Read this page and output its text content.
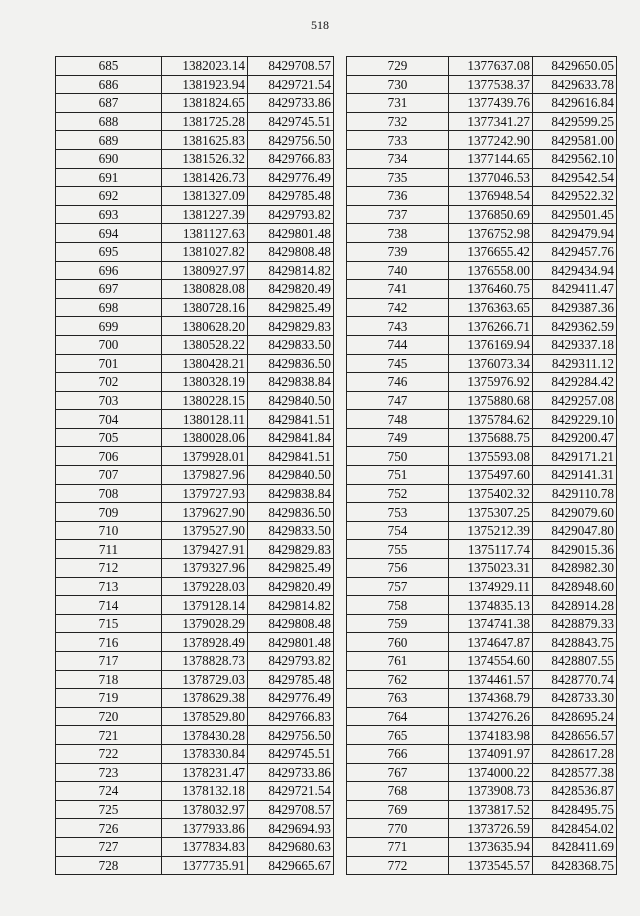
518
685	1382023.14	8429708.57
686	1381923.94	8429721.54
687	1381824.65	8429733.86
688	1381725.28	8429745.51
689	1381625.83	8429756.50
690	1381526.32	8429766.83
691	1381426.73	8429776.49
692	1381327.09	8429785.48
693	1381227.39	8429793.82
694	1381127.63	8429801.48
695	1381027.82	8429808.48
696	1380927.97	8429814.82
697	1380828.08	8429820.49
698	1380728.16	8429825.49
699	1380628.20	8429829.83
700	1380528.22	8429833.50
701	1380428.21	8429836.50
702	1380328.19	8429838.84
703	1380228.15	8429840.50
704	1380128.11	8429841.51
705	1380028.06	8429841.84
706	1379928.01	8429841.51
707	1379827.96	8429840.50
708	1379727.93	8429838.84
709	1379627.90	8429836.50
710	1379527.90	8429833.50
711	1379427.91	8429829.83
712	1379327.96	8429825.49
713	1379228.03	8429820.49
714	1379128.14	8429814.82
715	1379028.29	8429808.48
716	1378928.49	8429801.48
717	1378828.73	8429793.82
718	1378729.03	8429785.48
719	1378629.38	8429776.49
720	1378529.80	8429766.83
721	1378430.28	8429756.50
722	1378330.84	8429745.51
723	1378231.47	8429733.86
724	1378132.18	8429721.54
725	1378032.97	8429708.57
726	1377933.86	8429694.93
727	1377834.83	8429680.63
728	1377735.91	8429665.67
729	1377637.08	8429650.05
730	1377538.37	8429633.78
731	1377439.76	8429616.84
732	1377341.27	8429599.25
733	1377242.90	8429581.00
734	1377144.65	8429562.10
735	1377046.53	8429542.54
736	1376948.54	8429522.32
737	1376850.69	8429501.45
738	1376752.98	8429479.94
739	1376655.42	8429457.76
740	1376558.00	8429434.94
741	1376460.75	8429411.47
742	1376363.65	8429387.36
743	1376266.71	8429362.59
744	1376169.94	8429337.18
745	1376073.34	8429311.12
746	1375976.92	8429284.42
747	1375880.68	8429257.08
748	1375784.62	8429229.10
749	1375688.75	8429200.47
750	1375593.08	8429171.21
751	1375497.60	8429141.31
752	1375402.32	8429110.78
753	1375307.25	8429079.60
754	1375212.39	8429047.80
755	1375117.74	8429015.36
756	1375023.31	8428982.30
757	1374929.11	8428948.60
758	1374835.13	8428914.28
759	1374741.38	8428879.33
760	1374647.87	8428843.75
761	1374554.60	8428807.55
762	1374461.57	8428770.74
763	1374368.79	8428733.30
764	1374276.26	8428695.24
765	1374183.98	8428656.57
766	1374091.97	8428617.28
767	1374000.22	8428577.38
768	1373908.73	8428536.87
769	1373817.52	8428495.75
770	1373726.59	8428454.02
771	1373635.94	8428411.69
772	1373545.57	8428368.75
